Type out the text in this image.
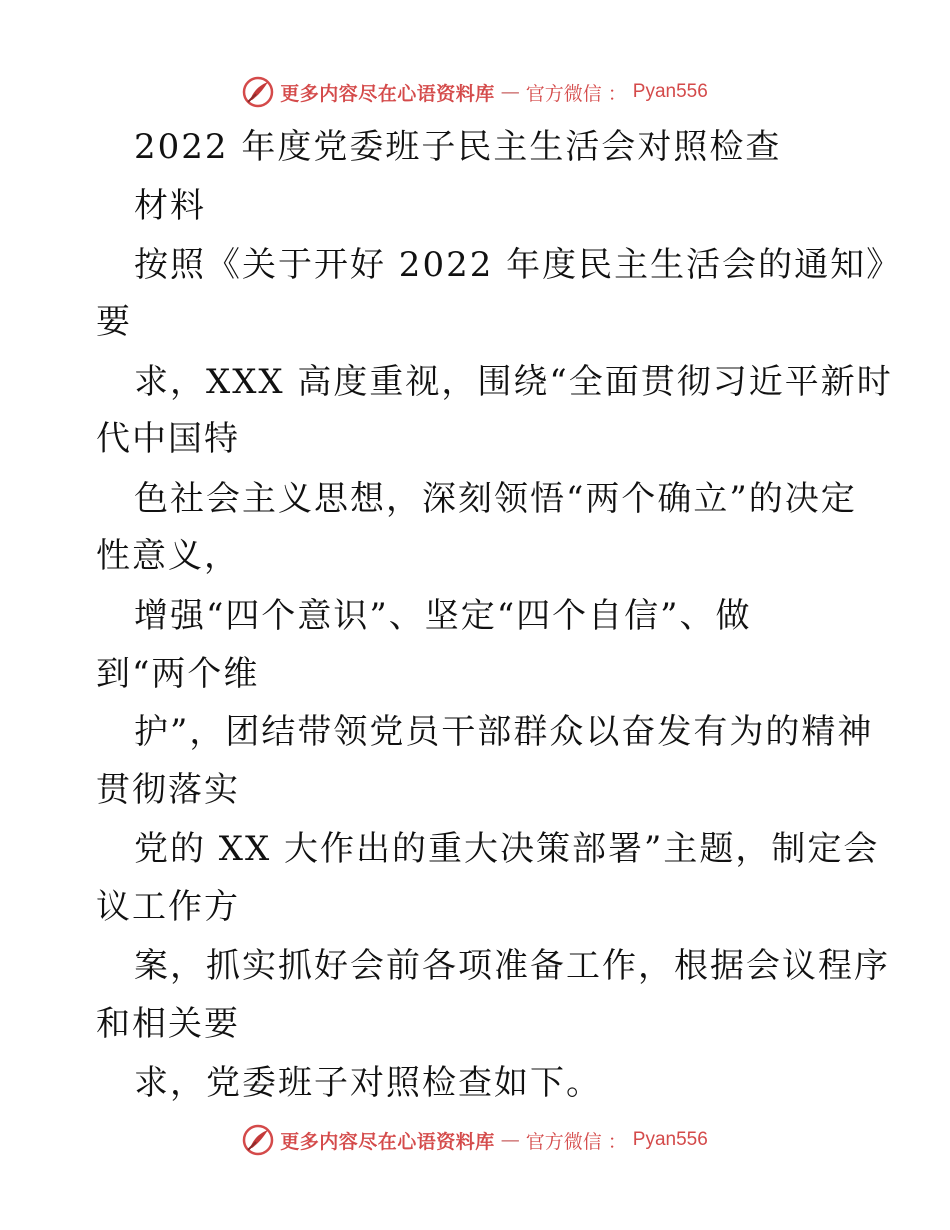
更多内容尽在心语资料库 — 官方微信 ： Pyan556
2022 年度党委班子民主生活会对照检查
材料
按照《关于开好 2022 年度民主生活会的通知》
要
求，XXX 高度重视，围绕“全面贯彻习近平新时
代中国特
色社会主义思想，深刻领悟“两个确立”的决定
性意义，
增强“四个意识”、坚定“四个自信”、做
到“两个维
护”，团结带领党员干部群众以奋发有为的精神
贯彻落实
党的 XX 大作出的重大决策部署”主题，制定会
议工作方
案，抓实抓好会前各项准备工作，根据会议程序
和相关要
求，党委班子对照检查如下。
更多内容尽在心语资料库 — 官方微信 ： Pyan556
